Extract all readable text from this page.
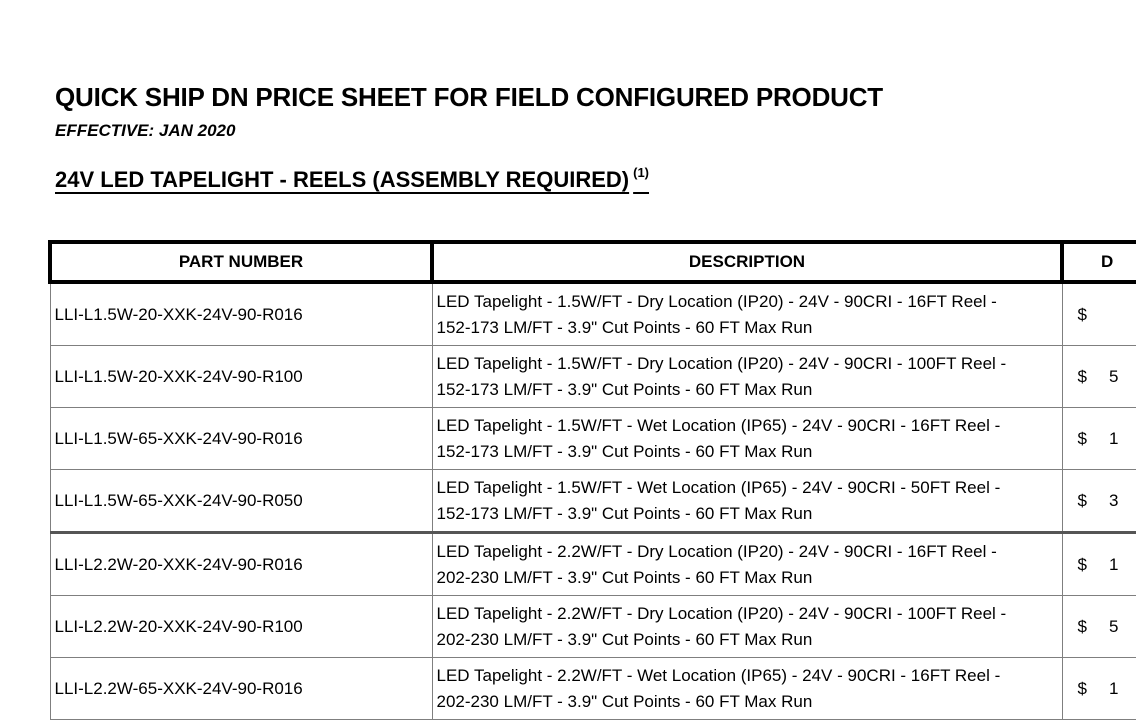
QUICK SHIP DN PRICE SHEET FOR FIELD CONFIGURED PRODUCT
EFFECTIVE: JAN 2020
24V LED TAPELIGHT - REELS (ASSEMBLY REQUIRED) $^{(1)}$
PART NUMBER	DESCRIPTION	D
LLI-L1.5W-20-XXK-24V-90-R016	LED Tapelight - 1.5W/FT - Dry Location (IP20) - 24V - 90CRI - 16FT Reel -
152-173 LM/FT - 3.9" Cut Points - 60 FT Max Run	$
LLI-L1.5W-20-XXK-24V-90-R100	LED Tapelight - 1.5W/FT - Dry Location (IP20) - 24V - 90CRI - 100FT Reel -
152-173 LM/FT - 3.9" Cut Points - 60 FT Max Run	$ 5
LLI-L1.5W-65-XXK-24V-90-R016	LED Tapelight - 1.5W/FT - Wet Location (IP65) - 24V - 90CRI - 16FT Reel -
152-173 LM/FT - 3.9" Cut Points - 60 FT Max Run	$ 1
LLI-L1.5W-65-XXK-24V-90-R050	LED Tapelight - 1.5W/FT - Wet Location (IP65) - 24V - 90CRI - 50FT Reel -
152-173 LM/FT - 3.9" Cut Points - 60 FT Max Run	$ 3
LLI-L2.2W-20-XXK-24V-90-R016	LED Tapelight - 2.2W/FT - Dry Location (IP20) - 24V - 90CRI - 16FT Reel -
202-230 LM/FT - 3.9" Cut Points - 60 FT Max Run	$ 1
LLI-L2.2W-20-XXK-24V-90-R100	LED Tapelight - 2.2W/FT - Dry Location (IP20) - 24V - 90CRI - 100FT Reel -
202-230 LM/FT - 3.9" Cut Points - 60 FT Max Run	$ 5
LLI-L2.2W-65-XXK-24V-90-R016	LED Tapelight - 2.2W/FT - Wet Location (IP65) - 24V - 90CRI - 16FT Reel -
202-230 LM/FT - 3.9" Cut Points - 60 FT Max Run	$ 1
